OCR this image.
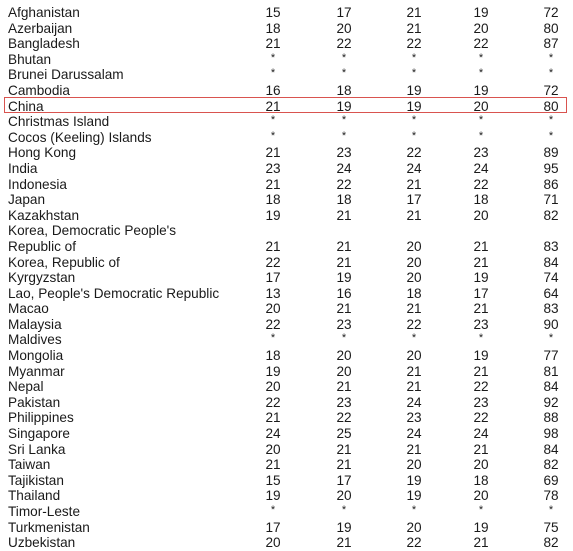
Afghanistan	15	17	21	19	72
Azerbaijan	18	20	21	20	80
Bangladesh	21	22	22	22	87
Bhutan	*	*	*	*	*
Brunei Darussalam	*	*	*	*	*
Cambodia	16	18	19	19	72
China	21	19	19	20	80
Christmas Island	*	*	*	*	*
Cocos (Keeling) Islands	*	*	*	*	*
Hong Kong	21	23	22	23	89
India	23	24	24	24	95
Indonesia	21	22	21	22	86
Japan	18	18	17	18	71
Kazakhstan	19	21	21	20	82
Korea, Democratic People's
Republic of	21	21	20	21	83
Korea, Republic of	22	21	20	21	84
Kyrgyzstan	17	19	20	19	74
Lao, People's Democratic Republic	13	16	18	17	64
Macao	20	21	21	21	83
Malaysia	22	23	22	23	90
Maldives	*	*	*	*	*
Mongolia	18	20	20	19	77
Myanmar	19	20	21	21	81
Nepal	20	21	21	22	84
Pakistan	22	23	24	23	92
Philippines	21	22	23	22	88
Singapore	24	25	24	24	98
Sri Lanka	20	21	21	21	84
Taiwan	21	21	20	20	82
Tajikistan	15	17	19	18	69
Thailand	19	20	19	20	78
Timor-Leste	*	*	*	*	*
Turkmenistan	17	19	20	19	75
Uzbekistan	20	21	22	21	82
